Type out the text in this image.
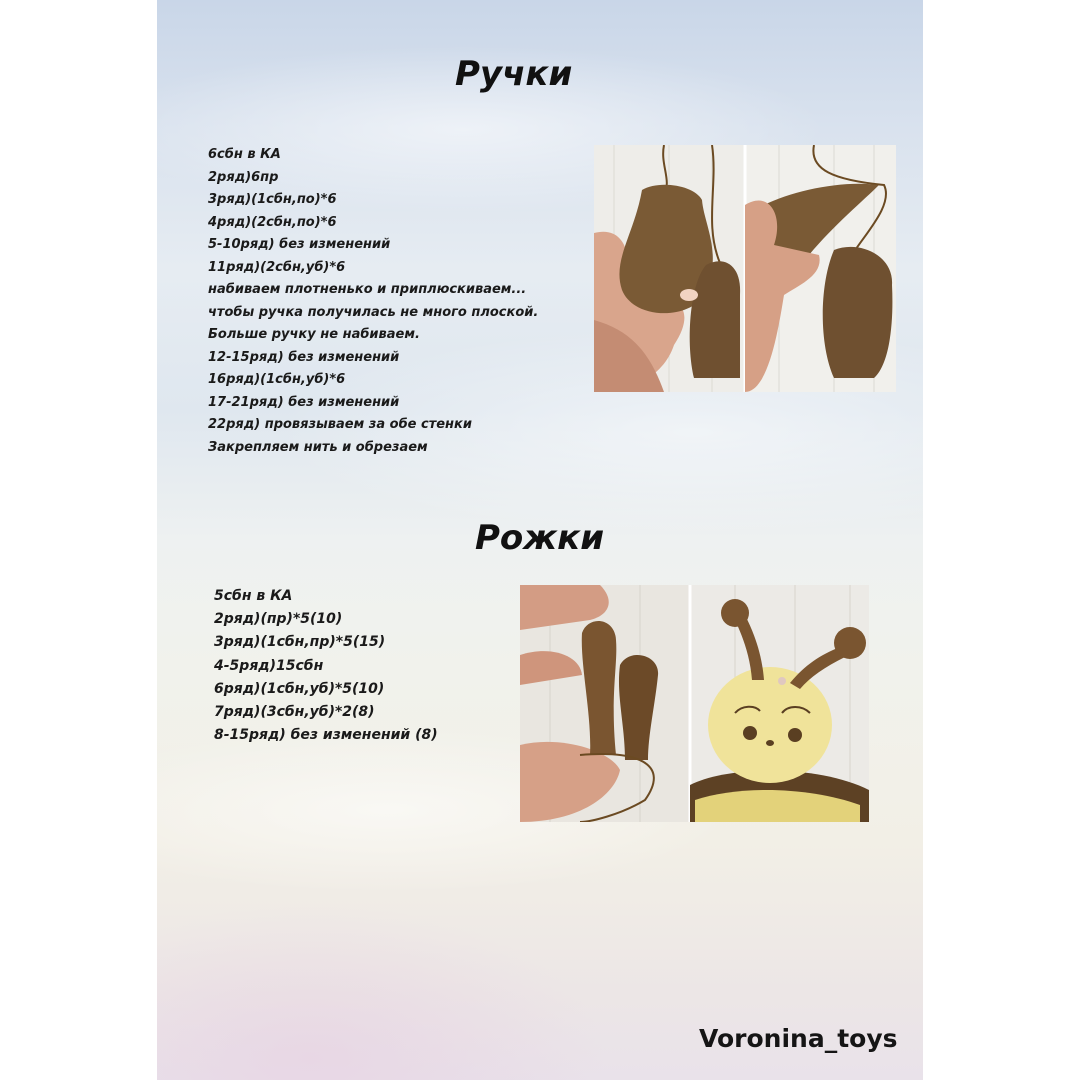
Ручки
6сбн в КА
2ряд)6пр
3ряд)(1сбн,по)*6
4ряд)(2сбн,по)*6
5-10ряд) без изменений
11ряд)(2сбн,уб)*6
набиваем плотненько и приплюскиваем...
чтобы ручка получилась не много плоской.
Больше ручку не набиваем.
12-15ряд) без изменений
16ряд)(1сбн,уб)*6
17-21ряд) без изменений
22ряд) провязываем за обе стенки
Закрепляем нить и обрезаем
Рожки
5сбн в КА
2ряд)(пр)*5(10)
3ряд)(1сбн,пр)*5(15)
4-5ряд)15сбн
6ряд)(1сбн,уб)*5(10)
7ряд)(3сбн,уб)*2(8)
8-15ряд) без изменений (8)

Voronina_toys
